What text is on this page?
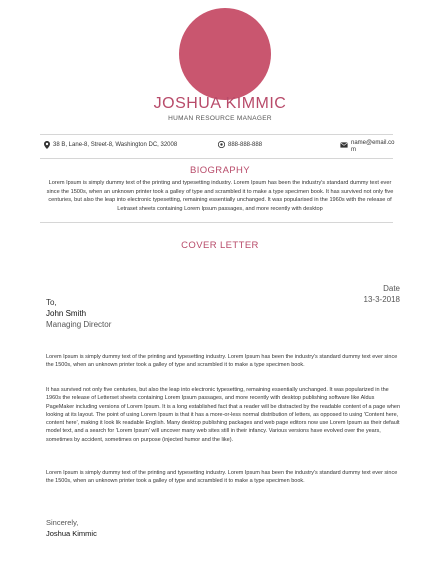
JOSHUA KIMMIC
HUMAN RESOURCE MANAGER
38 B, Lane-8, Street-8, Washington DC, 32008	888-888-888	name@email.co
m
BIOGRAPHY
Lorem Ipsum is simply dummy text of the printing and typesetting industry. Lorem Ipsum has been the industry's standard dummy text ever since the 1500s, when an unknown printer took a galley of type and scrambled it to make a type specimen book. It has survived not only five centuries, but also the leap into electronic typesetting, remaining essentially unchanged. It was popularised in the 1960s with the release of Letraset sheets containing Lorem Ipsum passages, and more recently with desktop
COVER LETTER
Date
13-3-2018
To,
John Smith
Managing Director
Lorem Ipsum is simply dummy text of the printing and typesetting industry. Lorem Ipsum has been the industry's standard dummy text ever since the 1500s, when an unknown printer took a galley of type and scrambled it to make a type specimen book.
It has survived not only five centuries, but also the leap into electronic typesetting, remaining essentially unchanged. It was popularized in the 1960s the release of Letterset sheets containing Lorem Ipsum passages, and more recently with desktop publishing software like Aldus PageMaker including versions of Lorem Ipsum. It is a long established fact that a reader will be distracted by the readable content of a page when looking at its layout. The point of using Lorem Ipsum is that it has a more-or-less normal distribution of letters, as opposed to using 'Content here, content here', making it look lik readable English. Many desktop publishing packages and web page editors now use Lorem Ipsum as their default model text, and a search for 'Lorem Ipsum' will uncover many web sites still in their infancy. Various versions have evolved over the years, sometimes by accident, sometimes on purpose (injected humor and the like).
Lorem Ipsum is simply dummy text of the printing and typesetting industry. Lorem Ipsum has been the industry's standard dummy text ever since the 1500s, when an unknown printer took a galley of type and scrambled it to make a type specimen book.
Sincerely,
Joshua Kimmic
